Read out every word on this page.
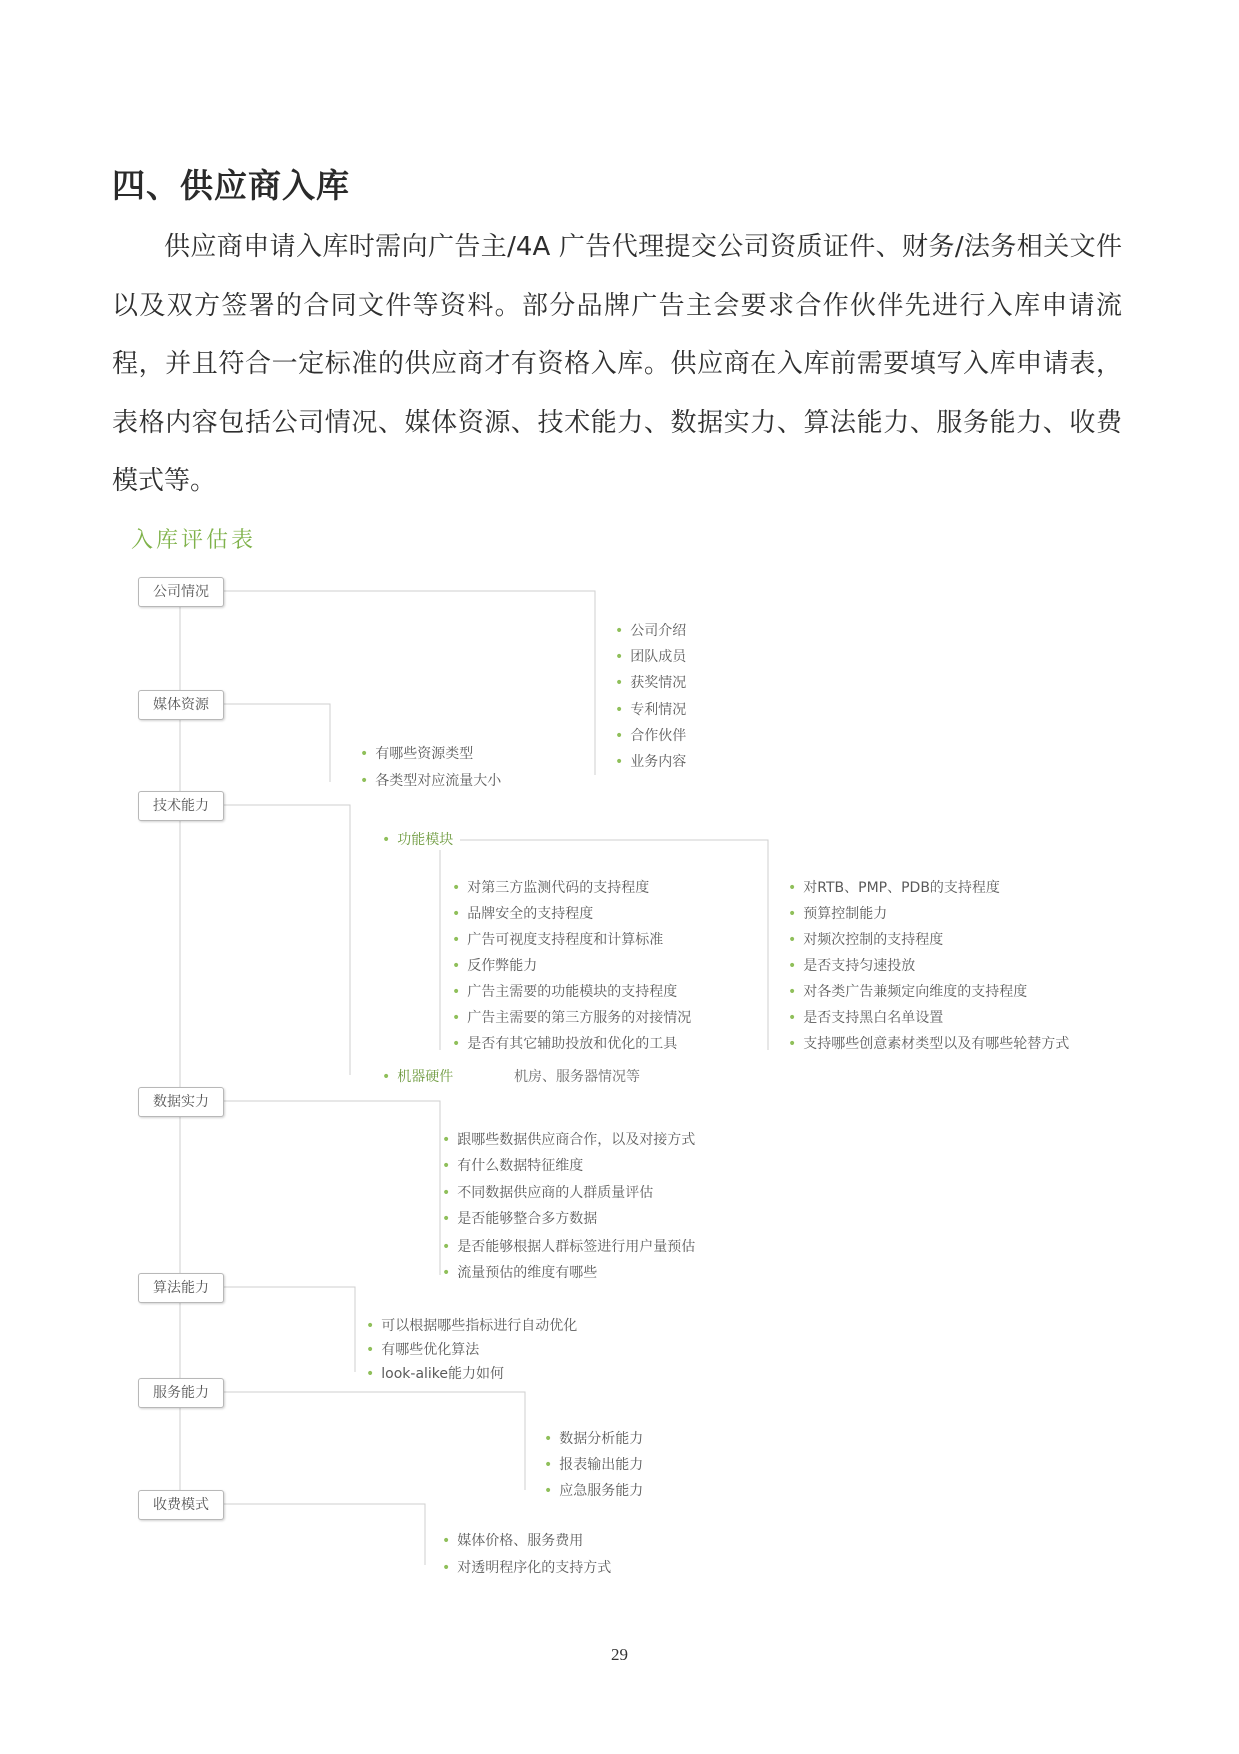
四、供应商入库

供应商申请入库时需向广告主/4A 广告代理提交公司资质证件、财务/法务相关文件以及双方签署的合同文件等资料。部分品牌广告主会要求合作伙伴先进行入库申请流程，并且符合一定标准的供应商才有资格入库。供应商在入库前需要填写入库申请表，表格内容包括公司情况、媒体资源、技术能力、数据实力、算法能力、服务能力、收费模式等。

入库评估表
公司情况
媒体资源
技术能力
数据实力
算法能力
服务能力
收费模式
• 公司介绍
• 团队成员
• 获奖情况
• 专利情况
• 合作伙伴
• 业务内容
• 有哪些资源类型
• 各类型对应流量大小
• 功能模块
• 对第三方监测代码的支持程度
• 品牌安全的支持程度
• 广告可视度支持程度和计算标准
• 反作弊能力
• 广告主需要的功能模块的支持程度
• 广告主需要的第三方服务的对接情况
• 是否有其它辅助投放和优化的工具
• 对RTB、PMP、PDB的支持程度
• 预算控制能力
• 对频次控制的支持程度
• 是否支持匀速投放
• 对各类广告兼频定向维度的支持程度
• 是否支持黑白名单设置
• 支持哪些创意素材类型以及有哪些轮替方式
• 机器硬件	机房、服务器情况等
• 跟哪些数据供应商合作，以及对接方式
• 有什么数据特征维度
• 不同数据供应商的人群质量评估
• 是否能够整合多方数据
• 是否能够根据人群标签进行用户量预估
• 流量预估的维度有哪些
• 可以根据哪些指标进行自动优化
• 有哪些优化算法
• look-alike能力如何
• 数据分析能力
• 报表输出能力
• 应急服务能力
• 媒体价格、服务费用
• 对透明程序化的支持方式
29
